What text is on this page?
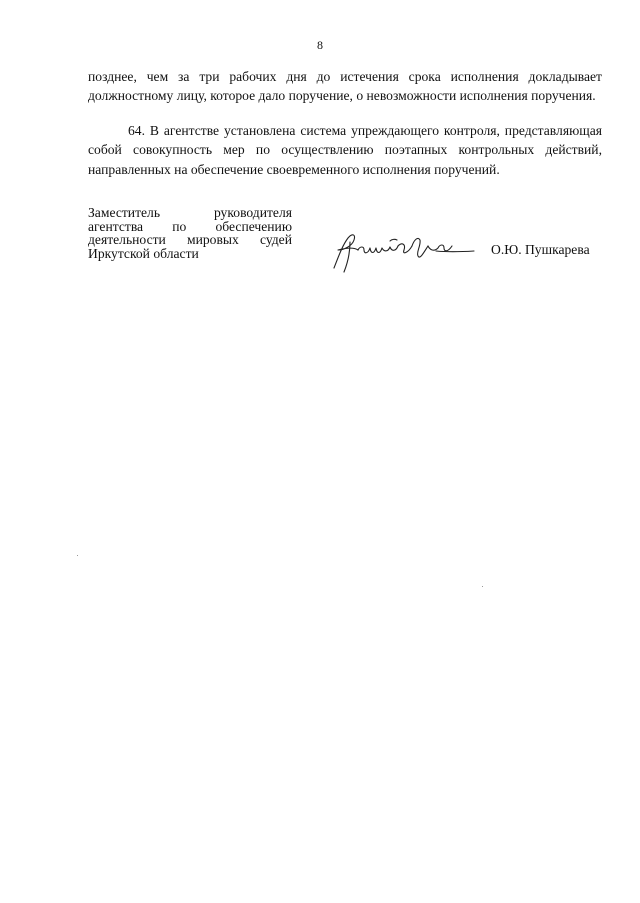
8

позднее, чем за три рабочих дня до истечения срока исполнения докладывает должностному лицу, которое дало поручение, о невозможности исполнения поручения.

64. В агентстве установлена система упреждающего контроля, представляющая собой совокупность мер по осуществлению поэтапных контрольных действий, направленных на обеспечение своевременного исполнения поручений.

Заместитель руководителя
агентства по обеспечению
деятельности мировых судей
Иркутской области	О.Ю. Пушкарева
